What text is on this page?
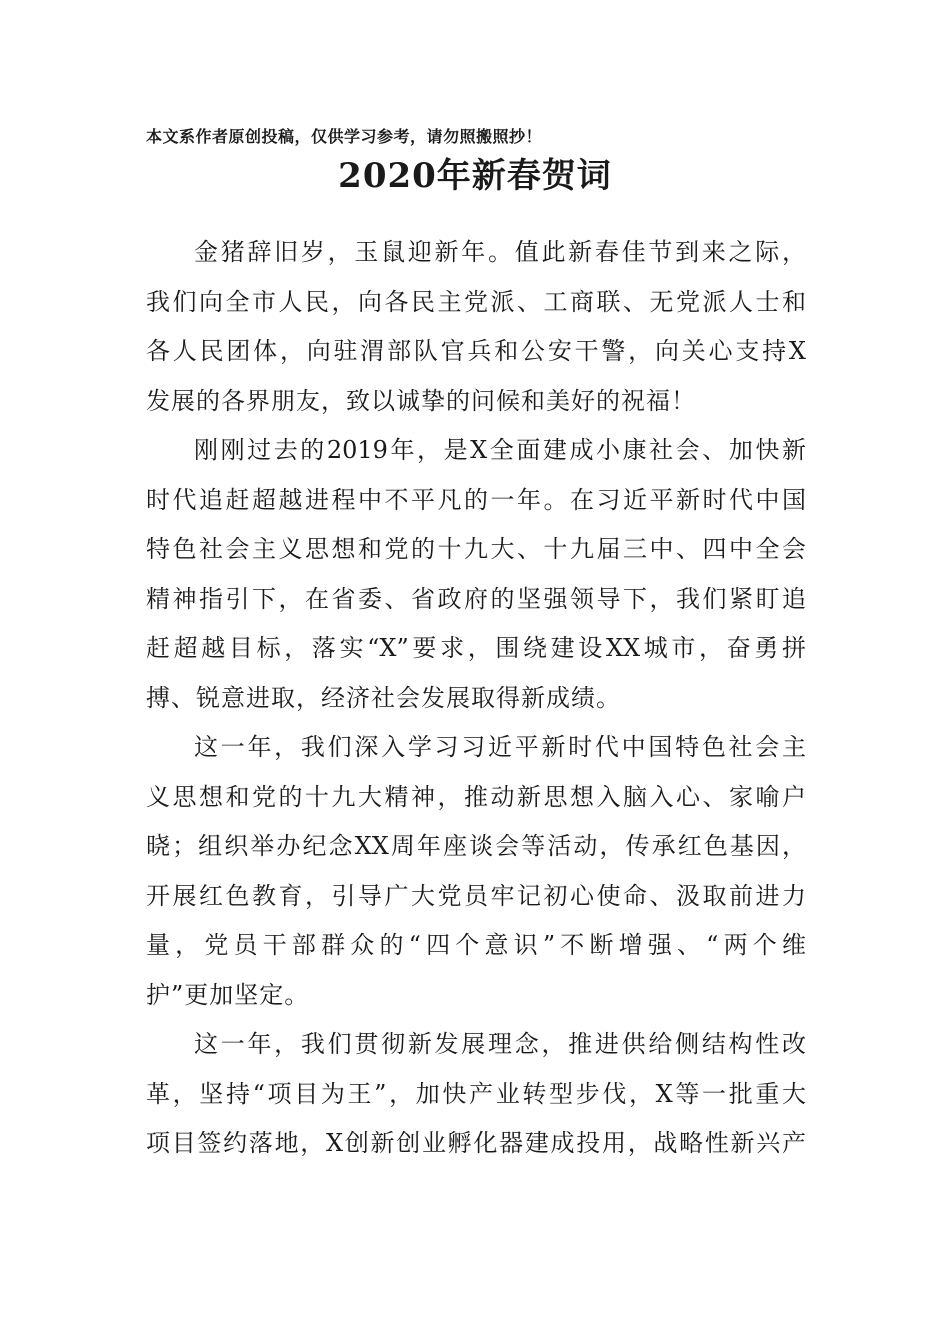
本文系作者原创投稿，仅供学习参考，请勿照搬照抄！
2020年新春贺词
金猪辞旧岁，玉鼠迎新年。值此新春佳节到来之际，
我们向全市人民，向各民主党派、工商联、无党派人士和
各人民团体，向驻渭部队官兵和公安干警，向关心支持X
发展的各界朋友，致以诚挚的问候和美好的祝福！
刚刚过去的2019年，是X全面建成小康社会、加快新
时代追赶超越进程中不平凡的一年。在习近平新时代中国
特色社会主义思想和党的十九大、十九届三中、四中全会
精神指引下，在省委、省政府的坚强领导下，我们紧盯追
赶超越目标，落实“X”要求，围绕建设XX城市，奋勇拼
搏、锐意进取，经济社会发展取得新成绩。
这一年，我们深入学习习近平新时代中国特色社会主
义思想和党的十九大精神，推动新思想入脑入心、家喻户
晓；组织举办纪念XX周年座谈会等活动，传承红色基因，
开展红色教育，引导广大党员牢记初心使命、汲取前进力
量，党员干部群众的“四个意识”不断增强、“两个维
护”更加坚定。
这一年，我们贯彻新发展理念，推进供给侧结构性改
革，坚持“项目为王”，加快产业转型步伐，X等一批重大
项目签约落地，X创新创业孵化器建成投用，战略性新兴产
